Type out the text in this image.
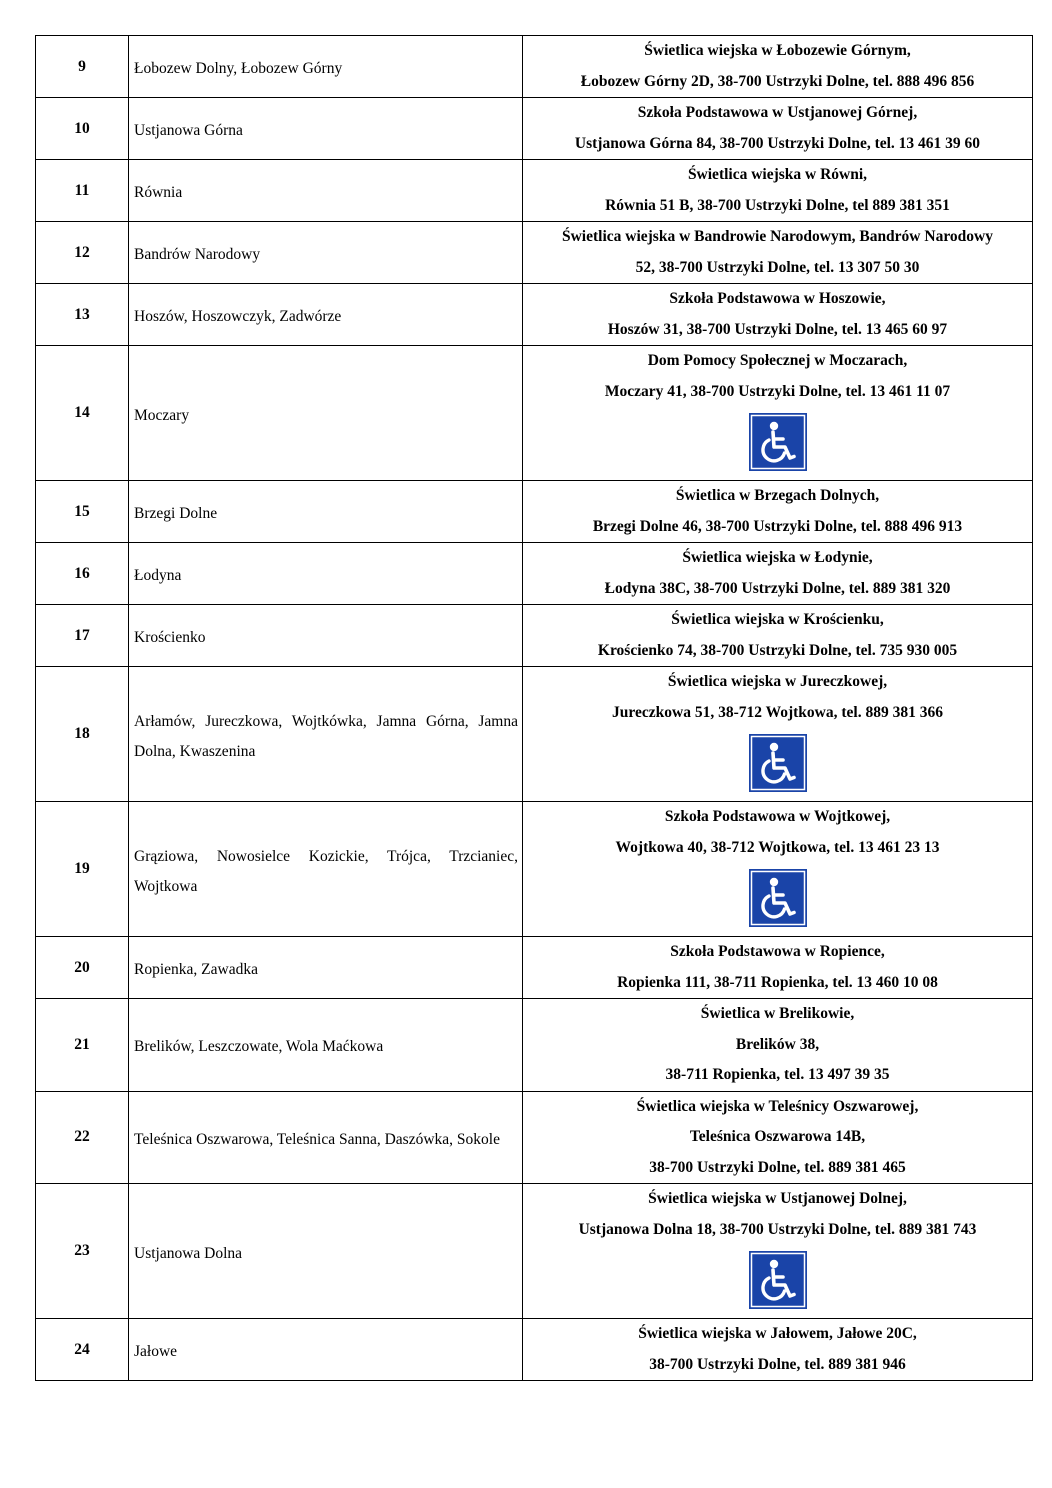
9	Łobozew Dolny, Łobozew Górny	Świetlica wiejska w Łobozewie Górnym,
Łobozew Górny 2D, 38-700 Ustrzyki Dolne, tel. 888 496 856

10	Ustjanowa Górna	Szkoła Podstawowa w Ustjanowej Górnej,
Ustjanowa Górna 84, 38-700 Ustrzyki Dolne, tel. 13 461 39 60

11	Równia	Świetlica wiejska w Równi,
Równia 51 B, 38-700 Ustrzyki Dolne, tel 889 381 351

12	Bandrów Narodowy	Świetlica wiejska w Bandrowie Narodowym, Bandrów Narodowy
52, 38-700 Ustrzyki Dolne, tel. 13 307 50 30

13	Hoszów, Hoszowczyk, Zadwórze	Szkoła Podstawowa w Hoszowie,
Hoszów 31, 38-700 Ustrzyki Dolne, tel. 13 465 60 97

14	Moczary	Dom Pomocy Społecznej w Moczarach,
Moczary 41, 38-700 Ustrzyki Dolne, tel. 13 461 11 07

15	Brzegi Dolne	Świetlica w Brzegach Dolnych,
Brzegi Dolne 46, 38-700 Ustrzyki Dolne, tel. 888 496 913

16	Łodyna	Świetlica wiejska w Łodynie,
Łodyna 38C, 38-700 Ustrzyki Dolne, tel. 889 381 320

17	Krościenko	Świetlica wiejska w Krościenku,
Krościenko 74, 38-700 Ustrzyki Dolne, tel. 735 930 005

18	Arłamów, Jureczkowa, Wojtkówka, Jamna Górna, Jamna Dolna, Kwaszenina	Świetlica wiejska w Jureczkowej,
Jureczkowa 51, 38-712 Wojtkowa, tel. 889 381 366

19	Grąziowa, Nowosielce Kozickie, Trójca, Trzcianiec, Wojtkowa	Szkoła Podstawowa w Wojtkowej,
Wojtkowa 40, 38-712 Wojtkowa, tel. 13 461 23 13

20	Ropienka, Zawadka	Szkoła Podstawowa w Ropience,
Ropienka 111, 38-711 Ropienka, tel. 13 460 10 08

21	Brelików, Leszczowate, Wola Maćkowa	Świetlica w Brelikowie,
Brelików 38,
38-711 Ropienka, tel. 13 497 39 35

22	Teleśnica Oszwarowa, Teleśnica Sanna, Daszówka, Sokole	Świetlica wiejska w Teleśnicy Oszwarowej,
Teleśnica Oszwarowa 14B,
38-700 Ustrzyki Dolne, tel. 889 381 465

23	Ustjanowa Dolna	Świetlica wiejska w Ustjanowej Dolnej,
Ustjanowa Dolna 18, 38-700 Ustrzyki Dolne, tel. 889 381 743

24	Jałowe	Świetlica wiejska w Jałowem, Jałowe 20C,
38-700 Ustrzyki Dolne, tel. 889 381 946
